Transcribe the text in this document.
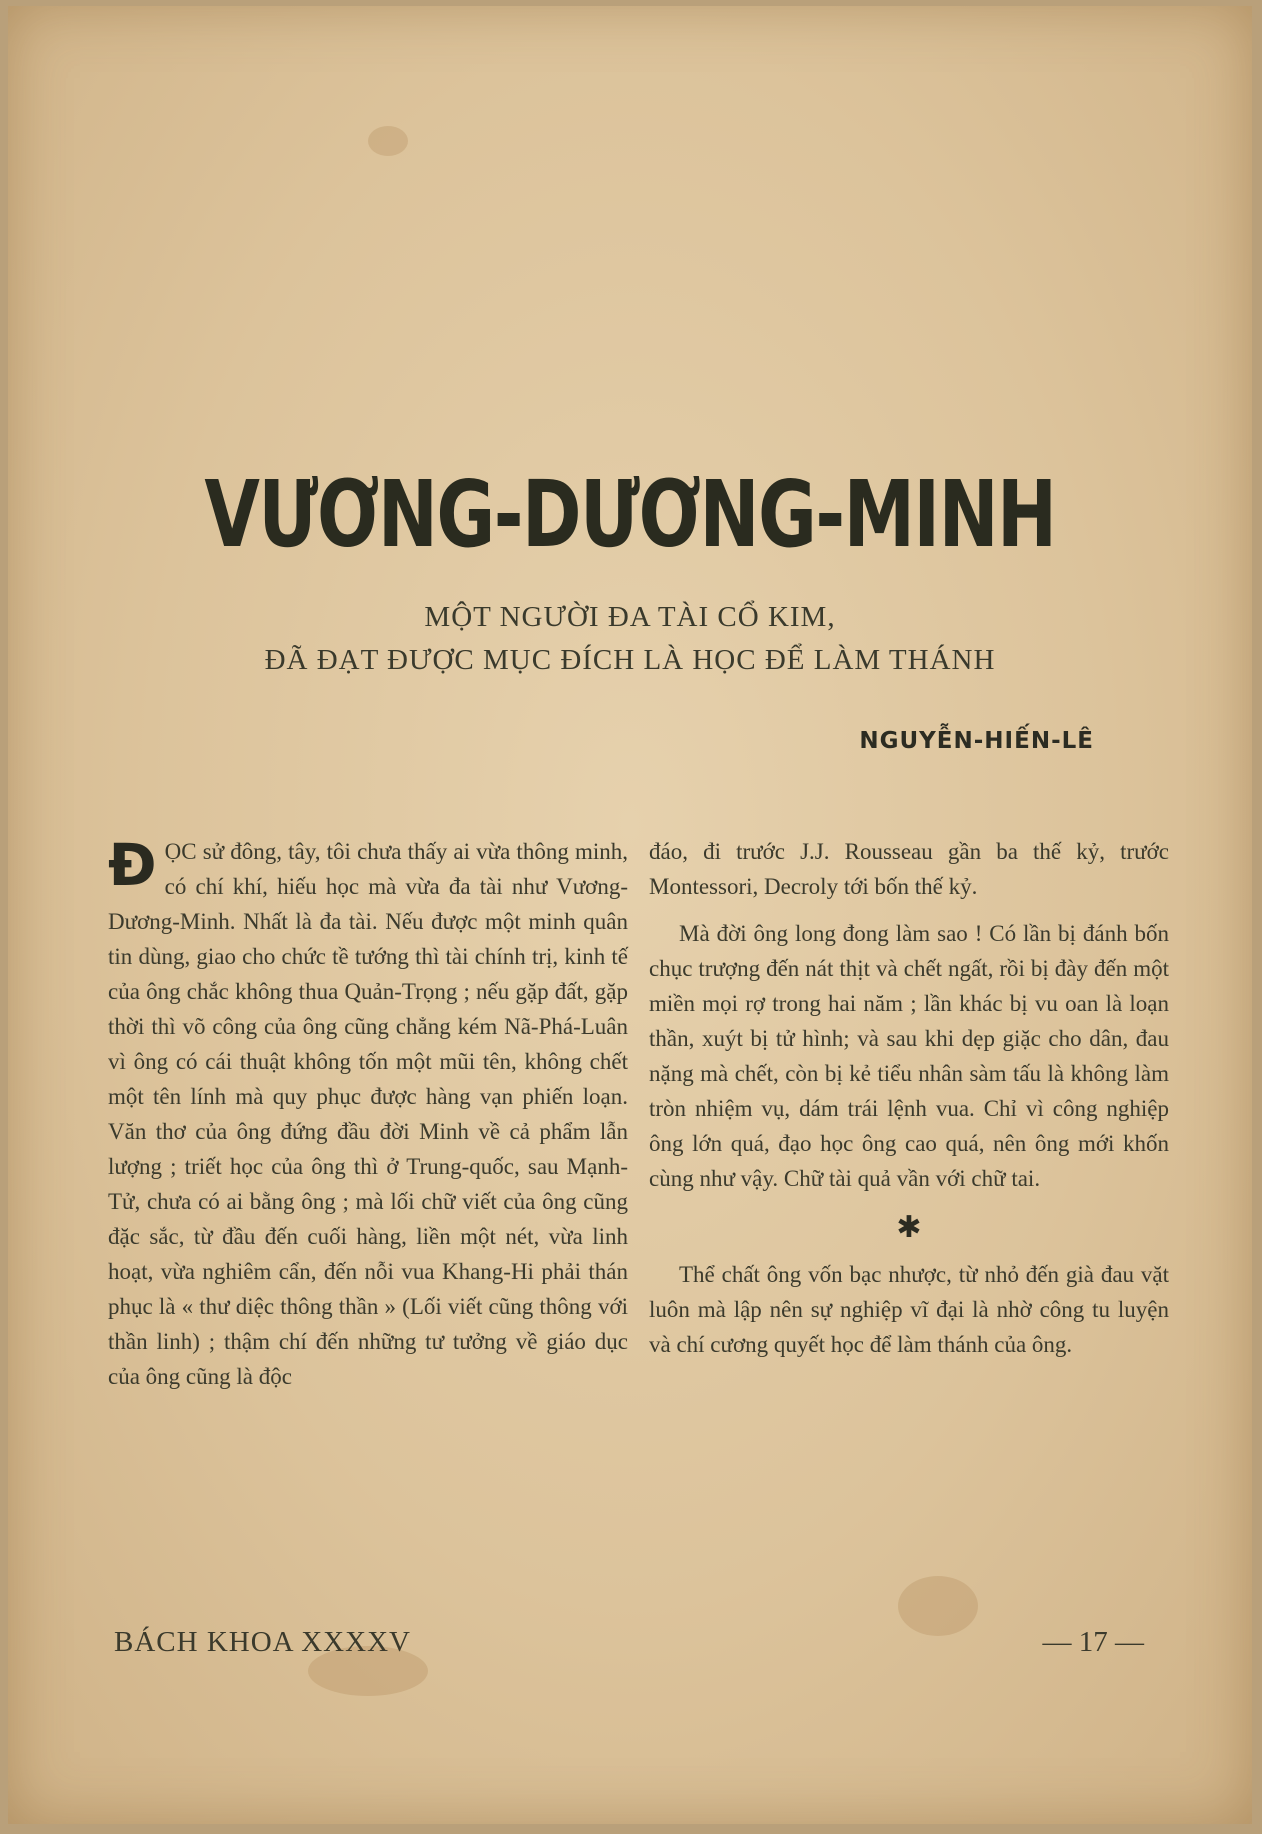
VƯƠNG-DƯƠNG-MINH
MỘT NGƯỜI ĐA TÀI CỔ KIM,
ĐÃ ĐẠT ĐƯỢC MỤC ĐÍCH LÀ HỌC ĐỂ LÀM THÁNH
NGUYỄN-HIẾN-LÊ

ĐỌC sử đông, tây, tôi chưa thấy ai vừa thông minh, có chí khí, hiếu học mà vừa đa tài như Vương-Dương-Minh. Nhất là đa tài. Nếu được một minh quân tin dùng, giao cho chức tề tướng thì tài chính trị, kinh tế của ông chắc không thua Quản-Trọng ; nếu gặp đất, gặp thời thì võ công của ông cũng chẳng kém Nã-Phá-Luân vì ông có cái thuật không tốn một mũi tên, không chết một tên lính mà quy phục được hàng vạn phiến loạn. Văn thơ của ông đứng đầu đời Minh về cả phẩm lẫn lượng ; triết học của ông thì ở Trung-quốc, sau Mạnh-Tử, chưa có ai bằng ông ; mà lối chữ viết của ông cũng đặc sắc, từ đầu đến cuối hàng, liền một nét, vừa linh hoạt, vừa nghiêm cẩn, đến nỗi vua Khang-Hi phải thán phục là « thư diệc thông thần » (Lối viết cũng thông với thần linh) ; thậm chí đến những tư tưởng về giáo dục của ông cũng là độc

đáo, đi trước J.J. Rousseau gần ba thế kỷ, trước Montessori, Decroly tới bốn thế kỷ.

Mà đời ông long đong làm sao ! Có lần bị đánh bốn chục trượng đến nát thịt và chết ngất, rồi bị đày đến một miền mọi rợ trong hai năm ; lần khác bị vu oan là loạn thần, xuýt bị tử hình; và sau khi dẹp giặc cho dân, đau nặng mà chết, còn bị kẻ tiểu nhân sàm tấu là không làm tròn nhiệm vụ, dám trái lệnh vua. Chỉ vì công nghiệp ông lớn quá, đạo học ông cao quá, nên ông mới khốn cùng như vậy. Chữ tài quả vần với chữ tai.

✱

Thể chất ông vốn bạc nhược, từ nhỏ đến già đau vặt luôn mà lập nên sự nghiệp vĩ đại là nhờ công tu luyện và chí cương quyết học để làm thánh của ông.

BÁCH KHOA XXXXV	— 17 —
